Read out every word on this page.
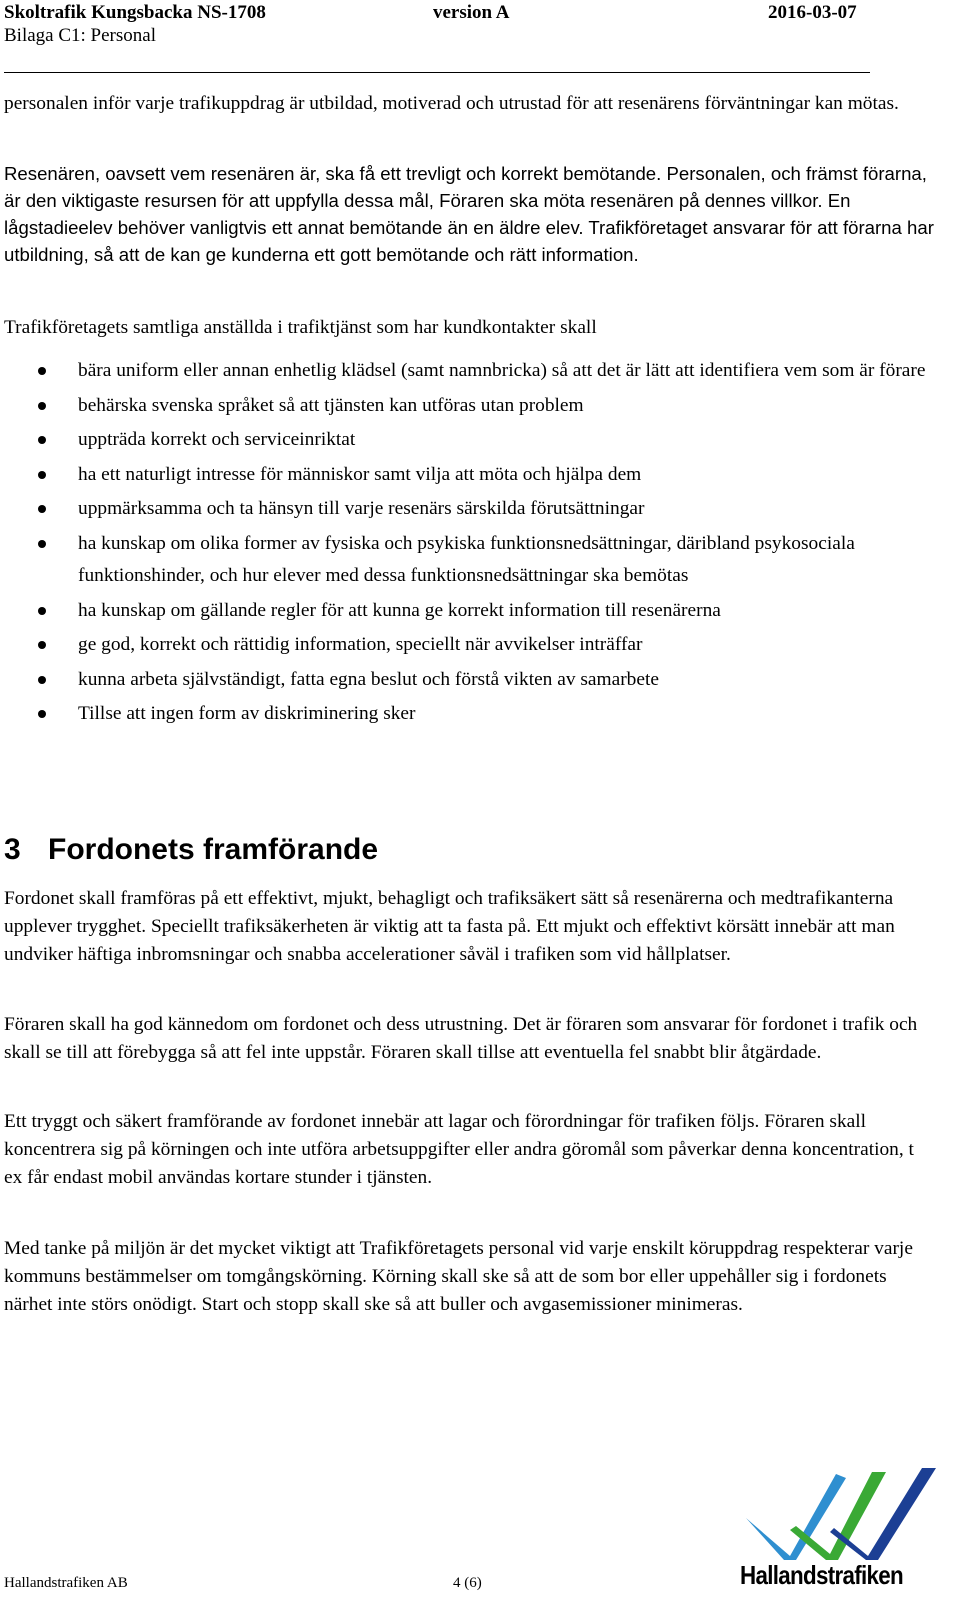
Skoltrafik Kungsbacka NS-1708	version A	2016-03-07
Bilaga C1: Personal

personalen inför varje trafikuppdrag är utbildad, motiverad och utrustad för att resenärens förväntningar kan mötas.

Resenären, oavsett vem resenären är, ska få ett trevligt och korrekt bemötande. Personalen, och främst förarna, är den viktigaste resursen för att uppfylla dessa mål, Föraren ska möta resenären på dennes villkor. En lågstadieelev behöver vanligtvis ett annat bemötande än en äldre elev. Trafikföretaget ansvarar för att förarna har utbildning, så att de kan ge kunderna ett gott bemötande och rätt information.

Trafikföretagets samtliga anställda i trafiktjänst som har kundkontakter skall

bära uniform eller annan enhetlig klädsel (samt namnbricka) så att det är lätt att identifiera vem som är förare
behärska svenska språket så att tjänsten kan utföras utan problem
uppträda korrekt och serviceinriktat
ha ett naturligt intresse för människor samt vilja att möta och hjälpa dem
uppmärksamma och ta hänsyn till varje resenärs särskilda förutsättningar
ha kunskap om olika former av fysiska och psykiska funktionsnedsättningar, däribland psykosociala funktionshinder, och hur elever med dessa funktionsnedsättningar ska bemötas
ha kunskap om gällande regler för att kunna ge korrekt information till resenärerna
ge god, korrekt och rättidig information, speciellt när avvikelser inträffar
kunna arbeta självständigt, fatta egna beslut och förstå vikten av samarbete
Tillse att ingen form av diskriminering sker
3 Fordonets framförande

Fordonet skall framföras på ett effektivt, mjukt, behagligt och trafiksäkert sätt så resenärerna och medtrafikanterna upplever trygghet. Speciellt trafiksäkerheten är viktig att ta fasta på. Ett mjukt och effektivt körsätt innebär att man undviker häftiga inbromsningar och snabba accelerationer såväl i trafiken som vid hållplatser.

Föraren skall ha god kännedom om fordonet och dess utrustning. Det är föraren som ansvarar för fordonet i trafik och skall se till att förebygga så att fel inte uppstår. Föraren skall tillse att eventuella fel snabbt blir åtgärdade.

Ett tryggt och säkert framförande av fordonet innebär att lagar och förordningar för trafiken följs. Föraren skall koncentrera sig på körningen och inte utföra arbetsuppgifter eller andra göromål som påverkar denna koncentration, t ex får endast mobil användas kortare stunder i tjänsten.

Med tanke på miljön är det mycket viktigt att Trafikföretagets personal vid varje enskilt köruppdrag respekterar varje kommuns bestämmelser om tomgångskörning. Körning skall ske så att de som bor eller uppehåller sig i fordonets närhet inte störs onödigt. Start och stopp skall ske så att buller och avgasemissioner minimeras.

Hallandstrafiken AB	4 (6)	Hallandstrafiken
